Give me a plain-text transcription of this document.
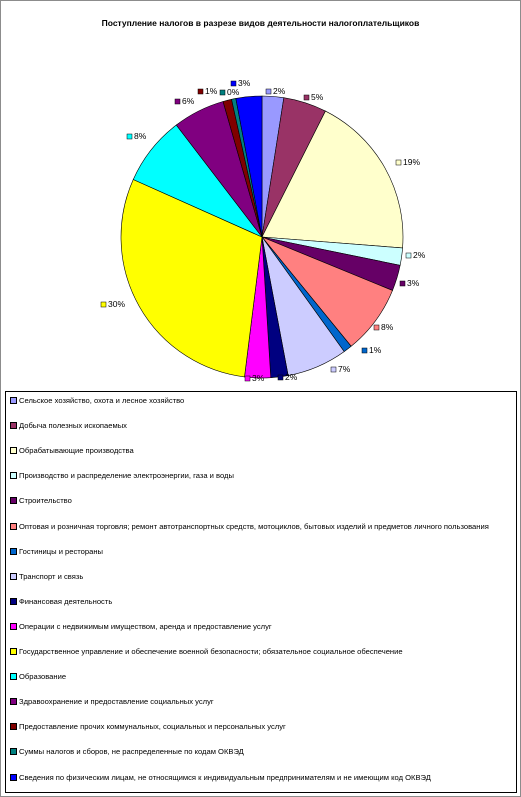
Поступление налогов в разрезе видов деятельности налогоплательщиков
2%
5%
19%
2%
3%
8%
1%
7%
2%
3%
30%
8%
6%
1% 0%
3%
Сельское хозяйство, охота и лесное хозяйство
Добыча полезных ископаемых
Обрабатывающие производства
Производство и распределение электроэнергии, газа и воды
Строительство
Оптовая и розничная торговля; ремонт автотранспортных средств, мотоциклов, бытовых изделий и предметов личного пользования
Гостиницы и рестораны
Транспорт и связь
Финансовая деятельность
Операции с недвижимым имуществом, аренда и предоставление услуг
Государственное управление и обеспечение военной безопасности; обязательное социальное обеспечение
Образование
Здравоохранение и предоставление социальных услуг
Предоставление прочих коммунальных, социальных и персональных услуг
Суммы налогов и сборов, не распределенные по кодам ОКВЭД
Сведения по физическим лицам, не относящимся к индивидуальным предпринимателям и не имеющим код ОКВЭД
